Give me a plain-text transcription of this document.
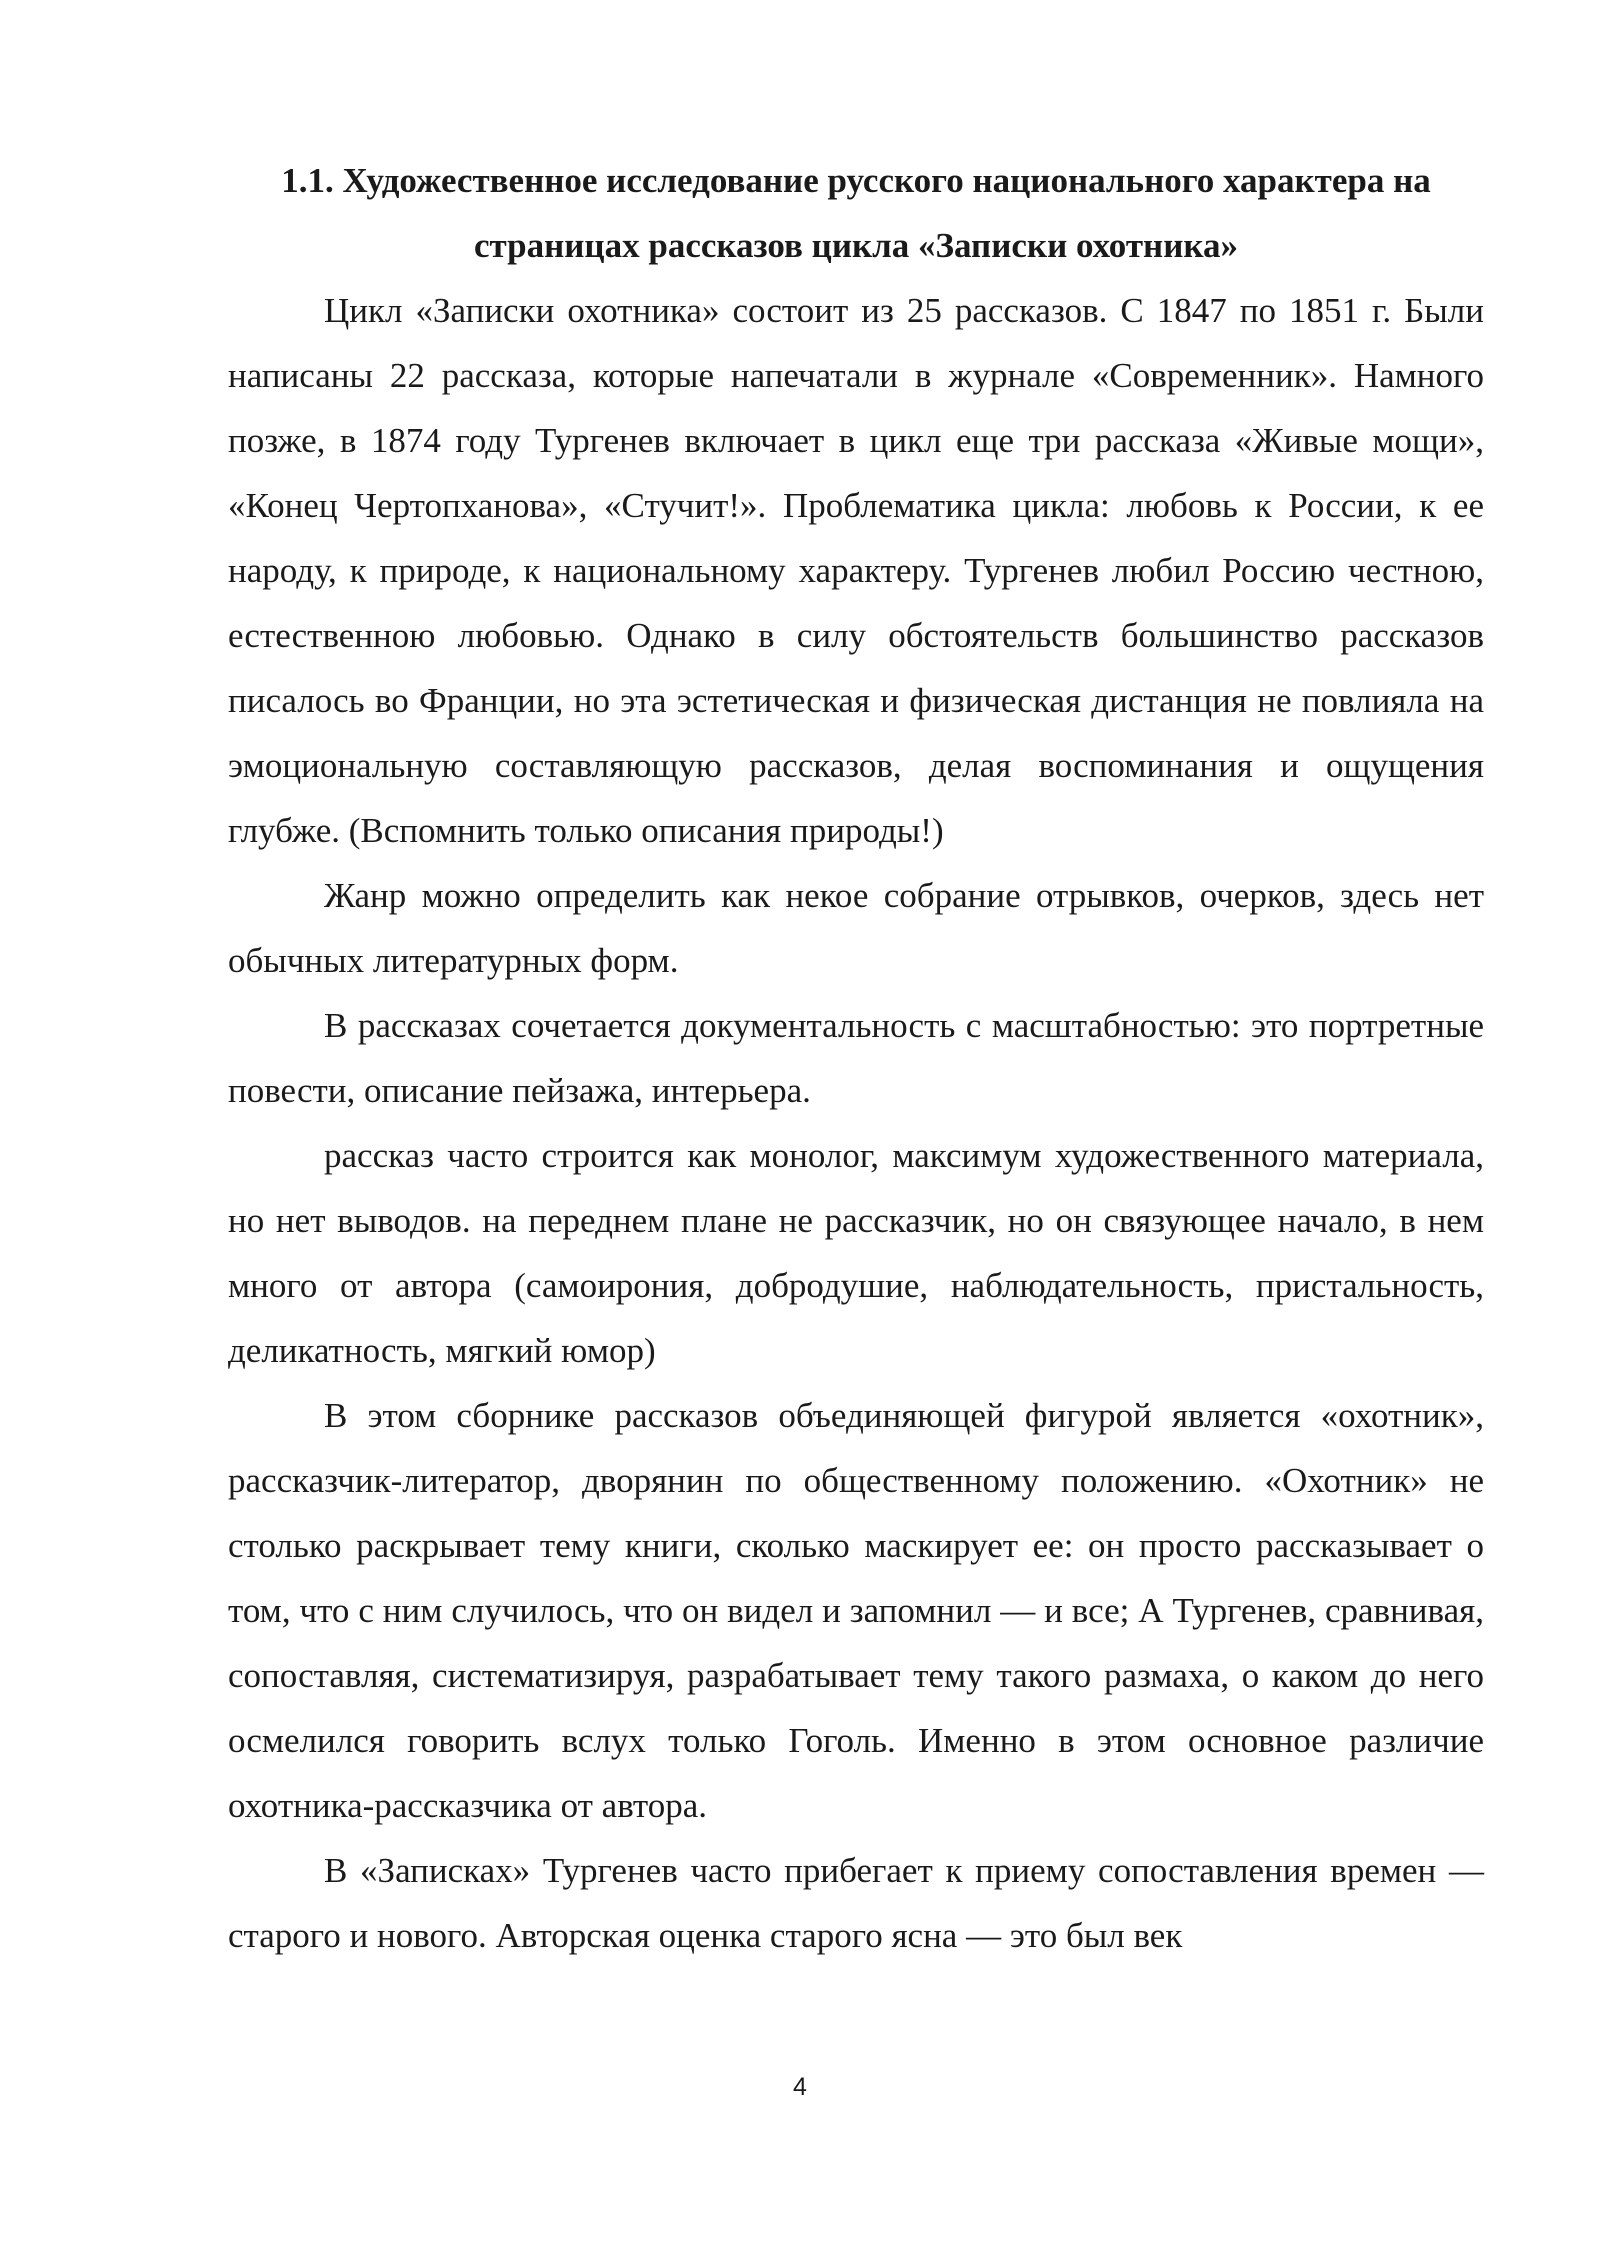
1.1. Художественное исследование русского национального характера на страницах рассказов цикла «Записки охотника»

Цикл «Записки охотника» состоит из 25 рассказов. С 1847 по 1851 г. Были написаны 22 рассказа, которые напечатали в журнале «Современник». Намного позже, в 1874 году Тургенев включает в цикл еще три рассказа «Живые мощи», «Конец Чертопханова», «Стучит!». Проблематика цикла: любовь к России, к ее народу, к природе, к национальному характеру. Тургенев любил Россию честною, естественною любовью. Однако в силу обстоятельств большинство рассказов писалось во Франции, но эта эстетическая и физическая дистанция не повлияла на эмоциональную составляющую рассказов, делая воспоминания и ощущения глубже. (Вспомнить только описания природы!)

Жанр можно определить как некое собрание отрывков, очерков, здесь нет обычных литературных форм.

В рассказах сочетается документальность с масштабностью: это портретные повести, описание пейзажа, интерьера.

рассказ часто строится как монолог, максимум художественного материала, но нет выводов. на переднем плане не рассказчик, но он связующее начало, в нем много от автора (самоирония, добродушие, наблюдательность, пристальность, деликатность, мягкий юмор)

В этом сборнике рассказов объединяющей фигурой является «охотник», рассказчик-литератор, дворянин по общественному положению. «Охотник» не столько раскрывает тему книги, сколько маскирует ее: он просто рассказывает о том, что с ним случилось, что он видел и запомнил — и все; А Тургенев, сравнивая, сопоставляя, систематизируя, разрабатывает тему такого размаха, о каком до него осмелился говорить вслух только Гоголь. Именно в этом основное различие охотника-рассказчика от автора.

В «Записках» Тургенев часто прибегает к приему сопоставления времен — старого и нового. Авторская оценка старого ясна — это был век

4
